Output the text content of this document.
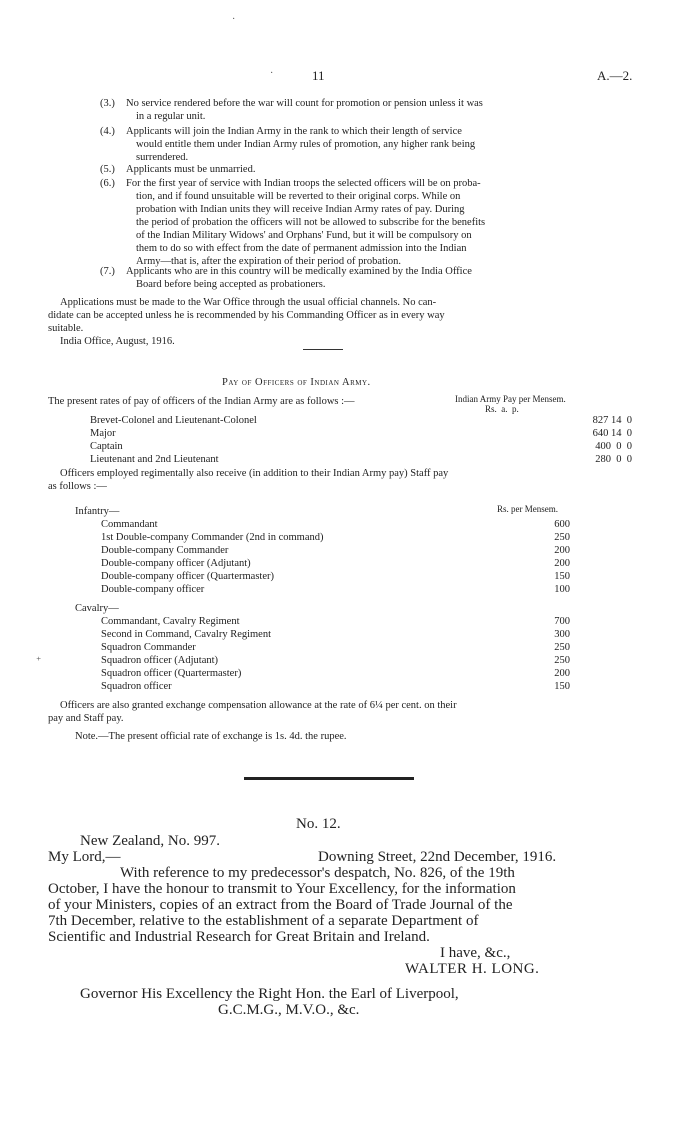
11	A.—2.
(3.) No service rendered before the war will count for promotion or pension unless it was
in a regular unit.
(4.) Applicants will join the Indian Army in the rank to which their length of service
would entitle them under Indian Army rules of promotion, any higher rank being
surrendered.
(5.) Applicants must be unmarried.
(6.) For the first year of service with Indian troops the selected officers will be on proba-
tion, and if found unsuitable will be reverted to their original corps. While on
probation with Indian units they will receive Indian Army rates of pay. During
the period of probation the officers will not be allowed to subscribe for the benefits
of the Indian Military Widows' and Orphans' Fund, but it will be compulsory on
them to do so with effect from the date of permanent admission into the Indian
Army—that is, after the expiration of their period of probation.
(7.) Applicants who are in this country will be medically examined by the India Office
Board before being accepted as probationers.
Applications must be made to the War Office through the usual official channels. No can-
didate can be accepted unless he is recommended by his Commanding Officer as in every way
suitable.
India Office, August, 1916.
Pay of Officers of Indian Army.
The present rates of pay of officers of the Indian Army are as follows :—	Indian Army Pay per Mensem.
Rs.  a.  p.
Brevet-Colonel and Lieutenant-Colonel	827 14  0
Major	640 14  0
Captain	400  0  0
Lieutenant and 2nd Lieutenant	280  0  0
Officers employed regimentally also receive (in addition to their Indian Army pay) Staff pay
as follows :—
Infantry—	Rs. per Mensem.
Commandant	600
1st Double-company Commander (2nd in command)	250
Double-company Commander	200
Double-company officer (Adjutant)	200
Double-company officer (Quartermaster)	150
Double-company officer	100
Cavalry—
Commandant, Cavalry Regiment	700
Second in Command, Cavalry Regiment	300
Squadron Commander	250
Squadron officer (Adjutant)	250
Squadron officer (Quartermaster)	200
Squadron officer	150
Officers are also granted exchange compensation allowance at the rate of 6¼ per cent. on their
pay and Staff pay.
Note.—The present official rate of exchange is 1s. 4d. the rupee.
No. 12.
New Zealand, No. 997.
My Lord,—	Downing Street, 22nd December, 1916.
With reference to my predecessor's despatch, No. 826, of the 19th
October, I have the honour to transmit to Your Excellency, for the information
of your Ministers, copies of an extract from the Board of Trade Journal of the
7th December, relative to the establishment of a separate Department of
Scientific and Industrial Research for Great Britain and Ireland.
I have, &c.,
WALTER H. LONG.
Governor His Excellency the Right Hon. the Earl of Liverpool,
G.C.M.G., M.V.O., &c.
·
·
⁺
